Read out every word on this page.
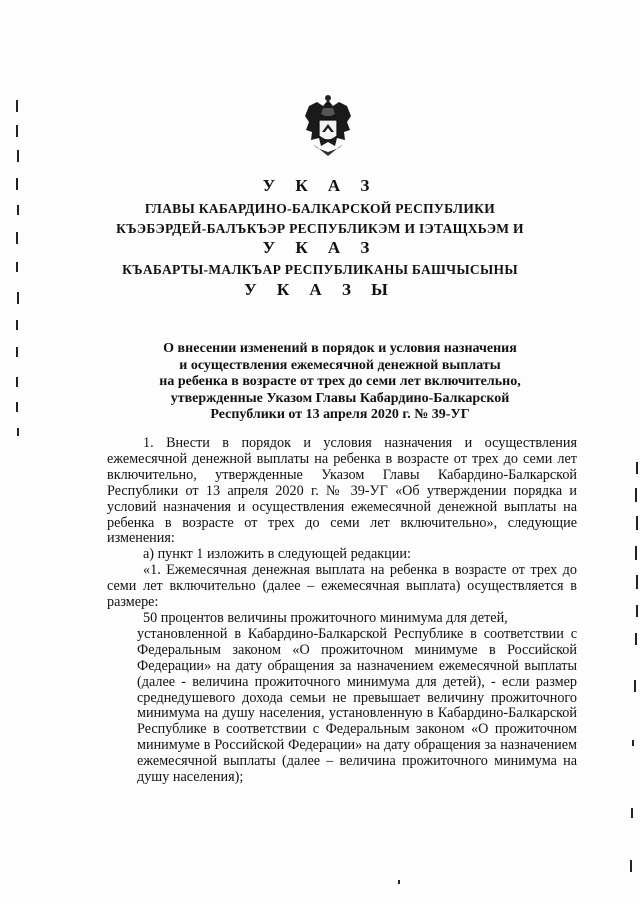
У К А З
ГЛАВЫ КАБАРДИНО-БАЛКАРСКОЙ РЕСПУБЛИКИ
КЪЭБЭРДЕЙ-БАЛЪКЪЭР РЕСПУБЛИКЭМ И ІЭТАЩХЬЭМ И
У К А З
КЪАБАРТЫ-МАЛКЪАР РЕСПУБЛИКАНЫ БАШЧЫСЫНЫ
У К А З Ы
О внесении изменений в порядок и условия назначения
и осуществления ежемесячной денежной выплаты
на ребенка в возрасте от трех до семи лет включительно,
утвержденные Указом Главы Кабардино-Балкарской
Республики от 13 апреля 2020 г. № 39-УГ

1. Внести в порядок и условия назначения и осуществления ежемесячной денежной выплаты на ребенка в возрасте от трех до семи лет включительно, утвержденные Указом Главы Кабардино-Балкарской Республики от 13 апреля 2020 г. № 39-УГ «Об утверждении порядка и условий назначения и осуществления ежемесячной денежной выплаты на ребенка в возрасте от трех до семи лет включительно», следующие изменения:

а) пункт 1 изложить в следующей редакции:

«1. Ежемесячная денежная выплата на ребенка в возрасте от трех до семи лет включительно (далее – ежемесячная выплата) осуществляется в размере:

50 процентов величины прожиточного минимума для детей,

установленной в Кабардино-Балкарской Республике в соответствии с Федеральным законом «О прожиточном минимуме в Российской Федерации» на дату обращения за назначением ежемесячной выплаты (далее - величина прожиточного минимума для детей), - если размер среднедушевого дохода семьи не превышает величину прожиточного минимума на душу населения, установленную в Кабардино-Балкарской Республике в соответствии с Федеральным законом «О прожиточном минимуме в Российской Федерации» на дату обращения за назначением ежемесячной выплаты (далее – величина прожиточного минимума на душу населения);
